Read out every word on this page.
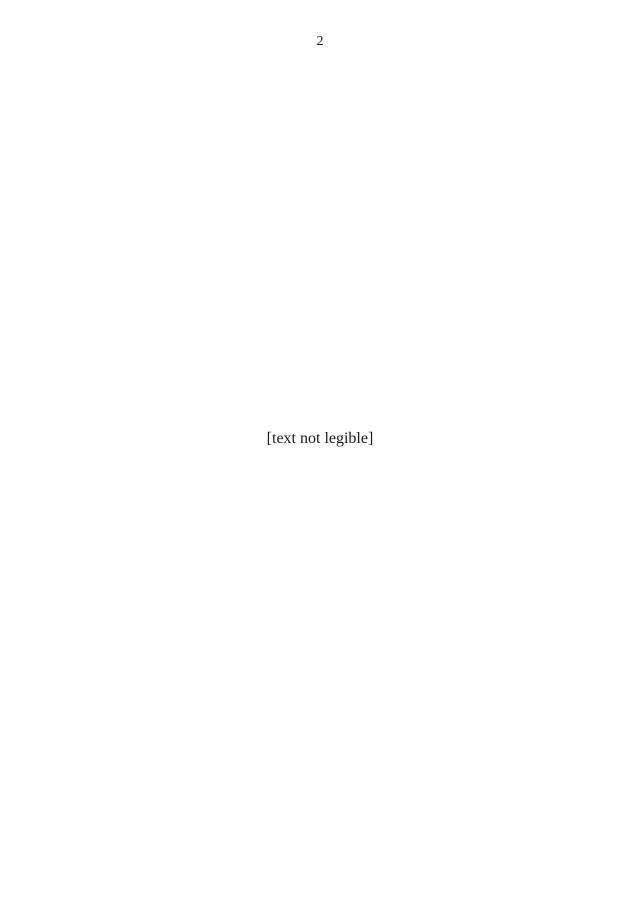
2
[text not legible]
